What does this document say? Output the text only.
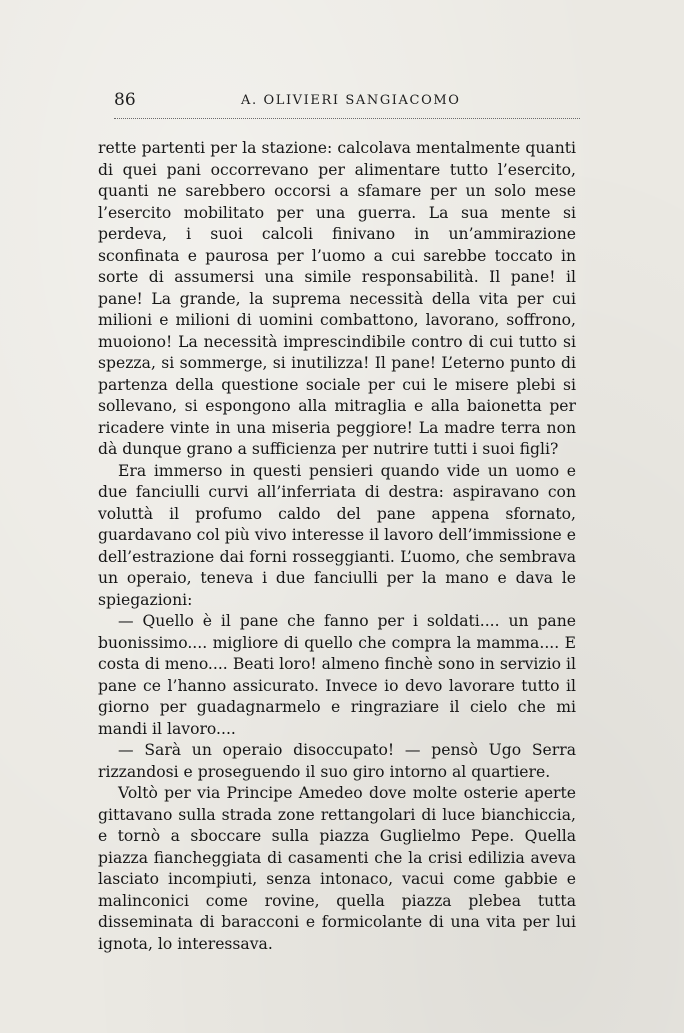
86	A. OLIVIERI SANGIACOMO

rette partenti per la stazione: calcolava mentalmente quanti di quei pani occorrevano per alimentare tutto l’esercito, quanti ne sarebbero occorsi a sfamare per un solo mese l’esercito mobilitato per una guerra. La sua mente si perdeva, i suoi calcoli finivano in un’ammirazione sconfinata e paurosa per l’uomo a cui sarebbe toccato in sorte di assumersi una simile responsabilità. Il pane! il pane! La grande, la suprema necessità della vita per cui milioni e milioni di uomini combattono, lavorano, soffrono, muoiono! La necessità imprescindibile contro di cui tutto si spezza, si sommerge, si inutilizza! Il pane! L’eterno punto di partenza della questione sociale per cui le misere plebi si sollevano, si espongono alla mitraglia e alla baionetta per ricadere vinte in una miseria peggiore! La madre terra non dà dunque grano a sufficienza per nutrire tutti i suoi figli?

Era immerso in questi pensieri quando vide un uomo e due fanciulli curvi all’inferriata di destra: aspiravano con voluttà il profumo caldo del pane appena sfornato, guardavano col più vivo interesse il lavoro dell’immissione e dell’estrazione dai forni rosseggianti. L’uomo, che sembrava un operaio, teneva i due fanciulli per la mano e dava le spiegazioni:

— Quello è il pane che fanno per i soldati.... un pane buonissimo.... migliore di quello che compra la mamma.... E costa di meno.... Beati loro! almeno finchè sono in servizio il pane ce l’hanno assicurato. Invece io devo lavorare tutto il giorno per guadagnarmelo e ringraziare il cielo che mi mandi il lavoro....

— Sarà un operaio disoccupato! — pensò Ugo Serra rizzandosi e proseguendo il suo giro intorno al quartiere.

Voltò per via Principe Amedeo dove molte osterie aperte gittavano sulla strada zone rettangolari di luce bianchiccia, e tornò a sboccare sulla piazza Guglielmo Pepe. Quella piazza fiancheggiata di casamenti che la crisi edilizia aveva lasciato incompiuti, senza intonaco, vacui come gabbie e malinconici come rovine, quella piazza plebea tutta disseminata di baracconi e formicolante di una vita per lui ignota, lo interessava.
